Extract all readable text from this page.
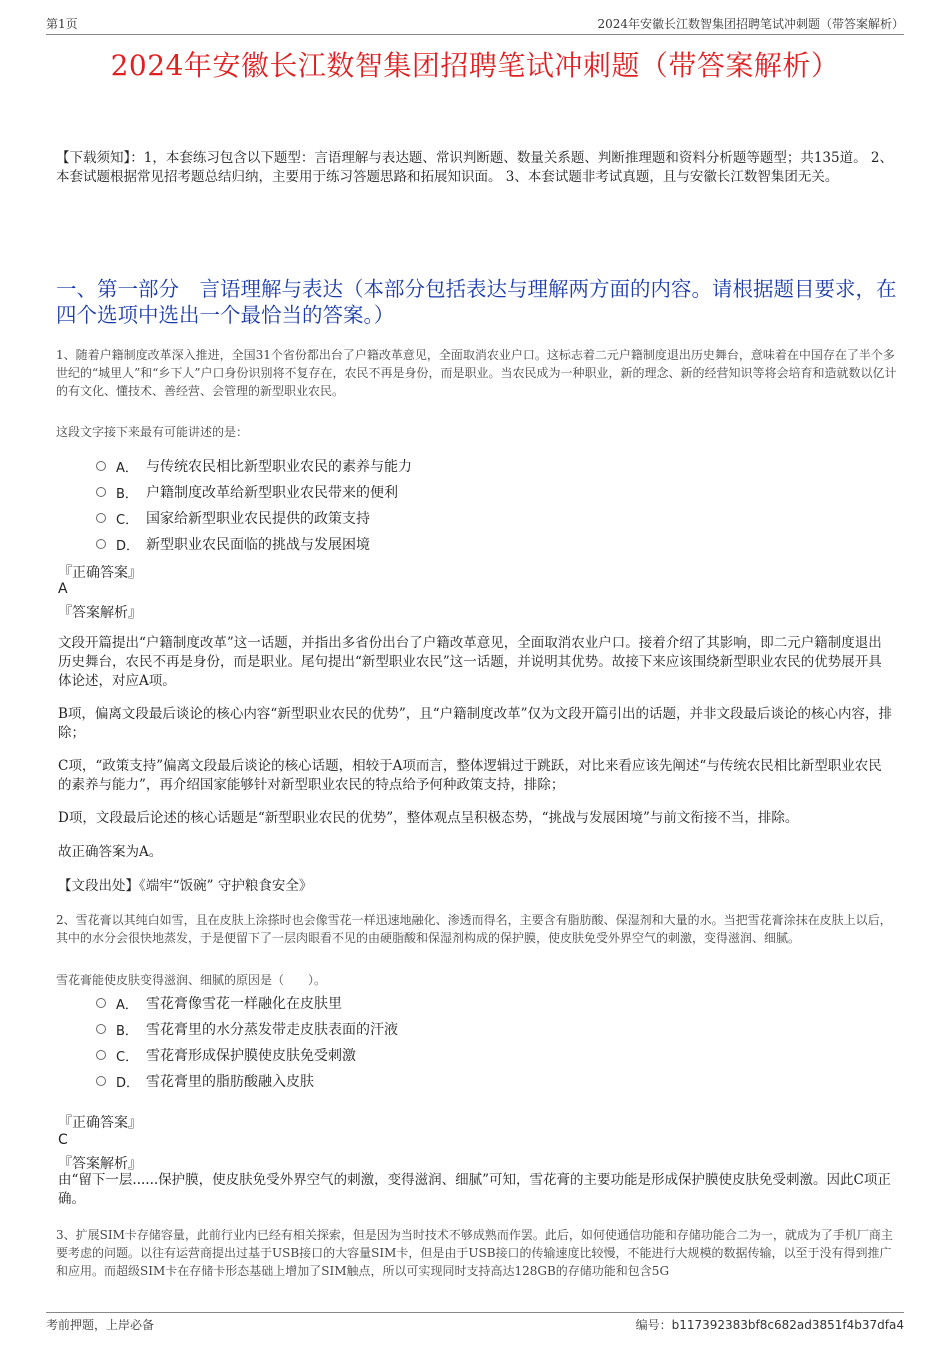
第1页	2024年安徽长江数智集团招聘笔试冲刺题（带答案解析）
2024年安徽长江数智集团招聘笔试冲刺题（带答案解析）
【下载须知】：1，本套练习包含以下题型：言语理解与表达题、常识判断题、数量关系题、判断推理题和资料分析题等题型；共135道。 2、本套试题根据常见招考题总结归纳，主要用于练习答题思路和拓展知识面。 3、本套试题非考试真题，且与安徽长江数智集团无关。
一、第一部分　言语理解与表达（本部分包括表达与理解两方面的内容。请根据题目要求，在四个选项中选出一个最恰当的答案。）

1、随着户籍制度改革深入推进，全国31个省份都出台了户籍改革意见，全面取消农业户口。这标志着二元户籍制度退出历史舞台，意味着在中国存在了半个多世纪的“城里人”和“乡下人”户口身份识别将不复存在，农民不再是身份，而是职业。当农民成为一种职业，新的理念、新的经营知识等将会培育和造就数以亿计的有文化、懂技术、善经营、会管理的新型职业农民。

这段文字接下来最有可能讲述的是：
A． 与传统农民相比新型职业农民的素养与能力
B． 户籍制度改革给新型职业农民带来的便利
C． 国家给新型职业农民提供的政策支持
D． 新型职业农民面临的挑战与发展困境
『正确答案』
A
『答案解析』

文段开篇提出“户籍制度改革”这一话题，并指出多省份出台了户籍改革意见，全面取消农业户口。接着介绍了其影响，即二元户籍制度退出历史舞台，农民不再是身份，而是职业。尾句提出“新型职业农民”这一话题，并说明其优势。故接下来应该围绕新型职业农民的优势展开具体论述，对应A项。

B项，偏离文段最后谈论的核心内容“新型职业农民的优势”，且“户籍制度改革”仅为文段开篇引出的话题，并非文段最后谈论的核心内容，排除；

C项，“政策支持”偏离文段最后谈论的核心话题，相较于A项而言，整体逻辑过于跳跃，对比来看应该先阐述“与传统农民相比新型职业农民的素养与能力”，再介绍国家能够针对新型职业农民的特点给予何种政策支持，排除；

D项，文段最后论述的核心话题是“新型职业农民的优势”，整体观点呈积极态势，“挑战与发展困境”与前文衔接不当，排除。

故正确答案为A。

【文段出处】《端牢“饭碗” 守护粮食安全》

2、雪花膏以其纯白如雪，且在皮肤上涂搽时也会像雪花一样迅速地融化、渗透而得名，主要含有脂肪酸、保湿剂和大量的水。当把雪花膏涂抹在皮肤上以后，其中的水分会很快地蒸发，于是便留下了一层肉眼看不见的由硬脂酸和保湿剂构成的保护膜，使皮肤免受外界空气的刺激，变得滋润、细腻。

雪花膏能使皮肤变得滋润、细腻的原因是（　　）。
A． 雪花膏像雪花一样融化在皮肤里
B． 雪花膏里的水分蒸发带走皮肤表面的汗液
C． 雪花膏形成保护膜使皮肤免受刺激
D． 雪花膏里的脂肪酸融入皮肤
『正确答案』
C
『答案解析』

由“留下一层......保护膜，使皮肤免受外界空气的刺激，变得滋润、细腻”可知，雪花膏的主要功能是形成保护膜使皮肤免受刺激。因此C项正确。

3、扩展SIM卡存储容量，此前行业内已经有相关探索，但是因为当时技术不够成熟而作罢。此后，如何使通信功能和存储功能合二为一，就成为了手机厂商主要考虑的问题。以往有运营商提出过基于USB接口的大容量SIM卡，但是由于USB接口的传输速度比较慢，不能进行大规模的数据传输，以至于没有得到推广和应用。而超级SIM卡在存储卡形态基础上增加了SIM触点，所以可实现同时支持高达128GB的存储功能和包含5G

考前押题，上岸必备	编号：b117392383bf8c682ad3851f4b37dfa4
